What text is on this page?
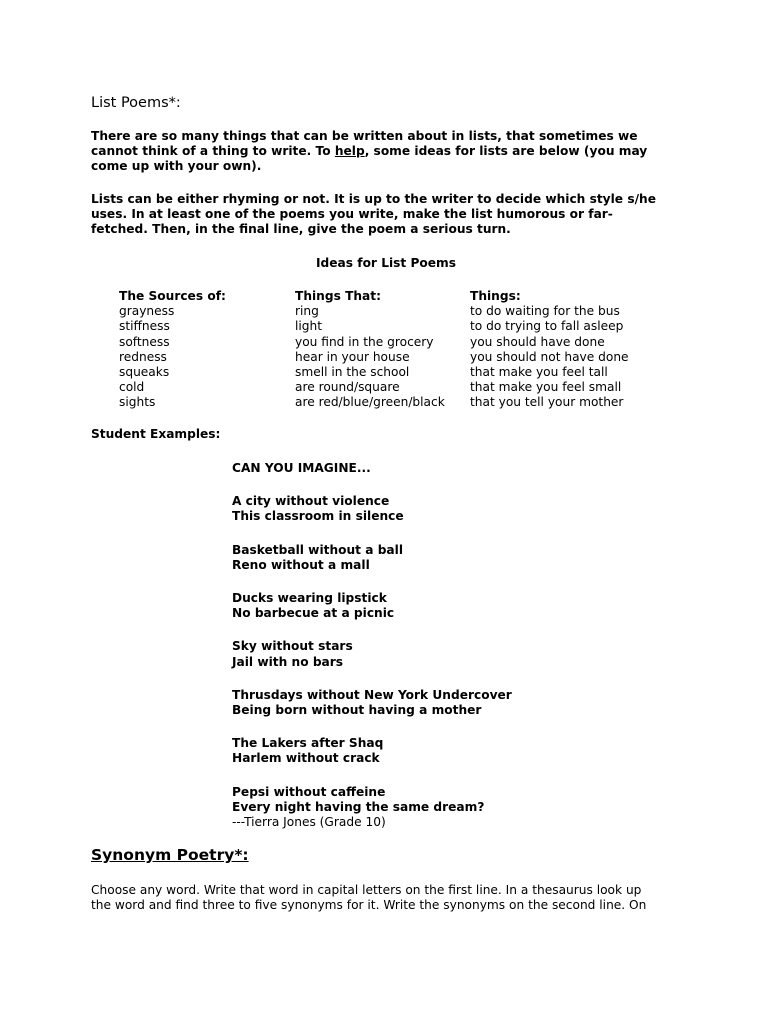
List Poems*:

There are so many things that can be written about in lists, that sometimes we

cannot think of a thing to write. To help, some ideas for lists are below (you may

come up with your own).

Lists can be either rhyming or not. It is up to the writer to decide which style s/he

uses. In at least one of the poems you write, make the list humorous or far-

fetched. Then, in the final line, give the poem a serious turn.

Ideas for List Poems
The Sources of:
grayness
stiffness
softness
redness
squeaks
cold
sights
Things That:
ring
light
you find in the grocery
hear in your house
smell in the school
are round/square
are red/blue/green/black
Things:
to do waiting for the bus
to do trying to fall asleep
you should have done
you should not have done
that make you feel tall
that make you feel small
that you tell your mother
Student Examples:
CAN YOU IMAGINE...
A city without violence
This classroom in silence
Basketball without a ball
Reno without a mall
Ducks wearing lipstick
No barbecue at a picnic
Sky without stars
Jail with no bars
Thrusdays without New York Undercover
Being born without having a mother
The Lakers after Shaq
Harlem without crack
Pepsi without caffeine
Every night having the same dream?
---Tierra Jones (Grade 10)
Synonym Poetry*:

Choose any word. Write that word in capital letters on the first line. In a thesaurus look up

the word and find three to five synonyms for it. Write the synonyms on the second line. On
